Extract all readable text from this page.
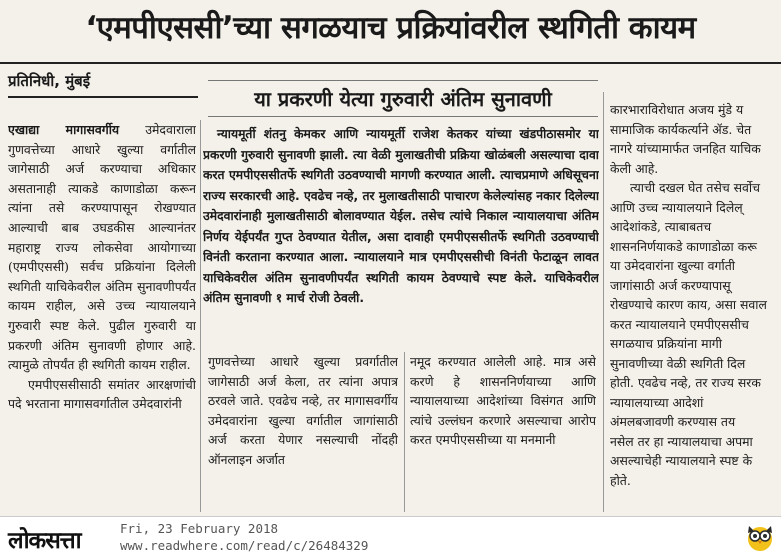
‘एमपीएससी’च्या सगळयाच प्रक्रियांवरील स्थगिती कायम
प्रतिनिधी, मुंबई
या प्रकरणी येत्या गुरुवारी अंतिम सुनावणी

एखाद्या मागासवर्गीय उमेदवाराला गुणवत्तेच्या आधारे खुल्या वर्गातील जागेसाठी अर्ज करण्याचा अधिकार असतानाही त्याकडे काणाडोळा करून त्यांना तसे करण्यापासून रोखण्यात आल्याची बाब उघडकीस आल्यानंतर महाराष्ट्र राज्य लोकसेवा आयोगाच्या (एमपीएससी) सर्वच प्रक्रियांना दिलेली स्थगिती याचिकेवरील अंतिम सुनावणीपर्यंत कायम राहील, असे उच्च न्यायालयाने गुरुवारी स्पष्ट केले. पुढील गुरुवारी या प्रकरणी अंतिम सुनावणी होणार आहे. त्यामुळे तोपर्यंत ही स्थगिती कायम राहील.

एमपीएससीसाठी समांतर आरक्षणांची पदे भरताना मागासवर्गातील उमेदवारांनी

न्यायमूर्ती शंतनु केमकर आणि न्यायमूर्ती राजेश केतकर यांच्या खंडपीठासमोर या प्रकरणी गुरुवारी सुनावणी झाली. त्या वेळी मुलाखतीची प्रक्रिया खोळंबली असल्याचा दावा करत एमपीएससीतर्फे स्थगिती उठवण्याची मागणी करण्यात आली. त्याचप्रमाणे अधिसूचना राज्य सरकारची आहे. एवढेच नव्हे, तर मुलाखतीसाठी पाचारण केलेल्यांसह नकार दिलेल्या उमेदवारांनाही मुलाखतीसाठी बोलावण्यात येईल. तसेच त्यांचे निकाल न्यायालयाचा अंतिम निर्णय येईपर्यंत गुप्त ठेवण्यात येतील, असा दावाही एमपीएससीतर्फे स्थगिती उठवण्याची विनंती करताना करण्यात आला. न्यायालयाने मात्र एमपीएससीची विनंती फेटाळून लावत याचिकेवरील अंतिम सुनावणीपर्यंत स्थगिती कायम ठेवण्याचे स्पष्ट केले. याचिकेवरील अंतिम सुनावणी १ मार्च रोजी ठेवली.

गुणवत्तेच्या आधारे खुल्या प्रवर्गातील जागेसाठी अर्ज केला, तर त्यांना अपात्र ठरवले जाते. एवढेच नव्हे, तर मागासवर्गीय उमेदवारांना खुल्या वर्गातील जागांसाठी अर्ज करता येणार नसल्याची नोंदही ऑनलाइन अर्जात

नमूद करण्यात आलेली आहे. मात्र असे करणे हे शासननिर्णयाच्या आणि न्यायालयाच्या आदेशांच्या विसंगत आणि त्यांचे उल्लंघन करणारे असल्याचा आरोप करत एमपीएससीच्या या मनमानी

कारभाराविरोधात अजय मुंडे य
सामाजिक कार्यकर्त्याने ॲड. चेत
नागरे यांच्यामार्फत जनहित याचिक
केली आहे.
त्याची दखल घेत तसेच सर्वोच
आणि उच्च न्यायालयाने दिलेल्
आदेशांकडे, त्याबाबतच
शासननिर्णयाकडे काणाडोळा करू
या उमेदवारांना खुल्या वर्गाती
जागांसाठी अर्ज करण्यापासू
रोखण्याचे कारण काय, असा सवाल
करत न्यायालयाने एमपीएससीच
सगळयाच प्रक्रियांना मागी
सुनावणीच्या वेळी स्थगिती दिल
होती. एवढेच नव्हे, तर राज्य सरक
न्यायालयाच्या आदेशां
अंमलबजावणी करण्यास तय
नसेल तर हा न्यायालयाचा अपमा
असल्याचेही न्यायालयाने स्पष्ट के
होते.
लोकसत्ता	Fri, 23 February 2018
www.readwhere.com/read/c/26484329
